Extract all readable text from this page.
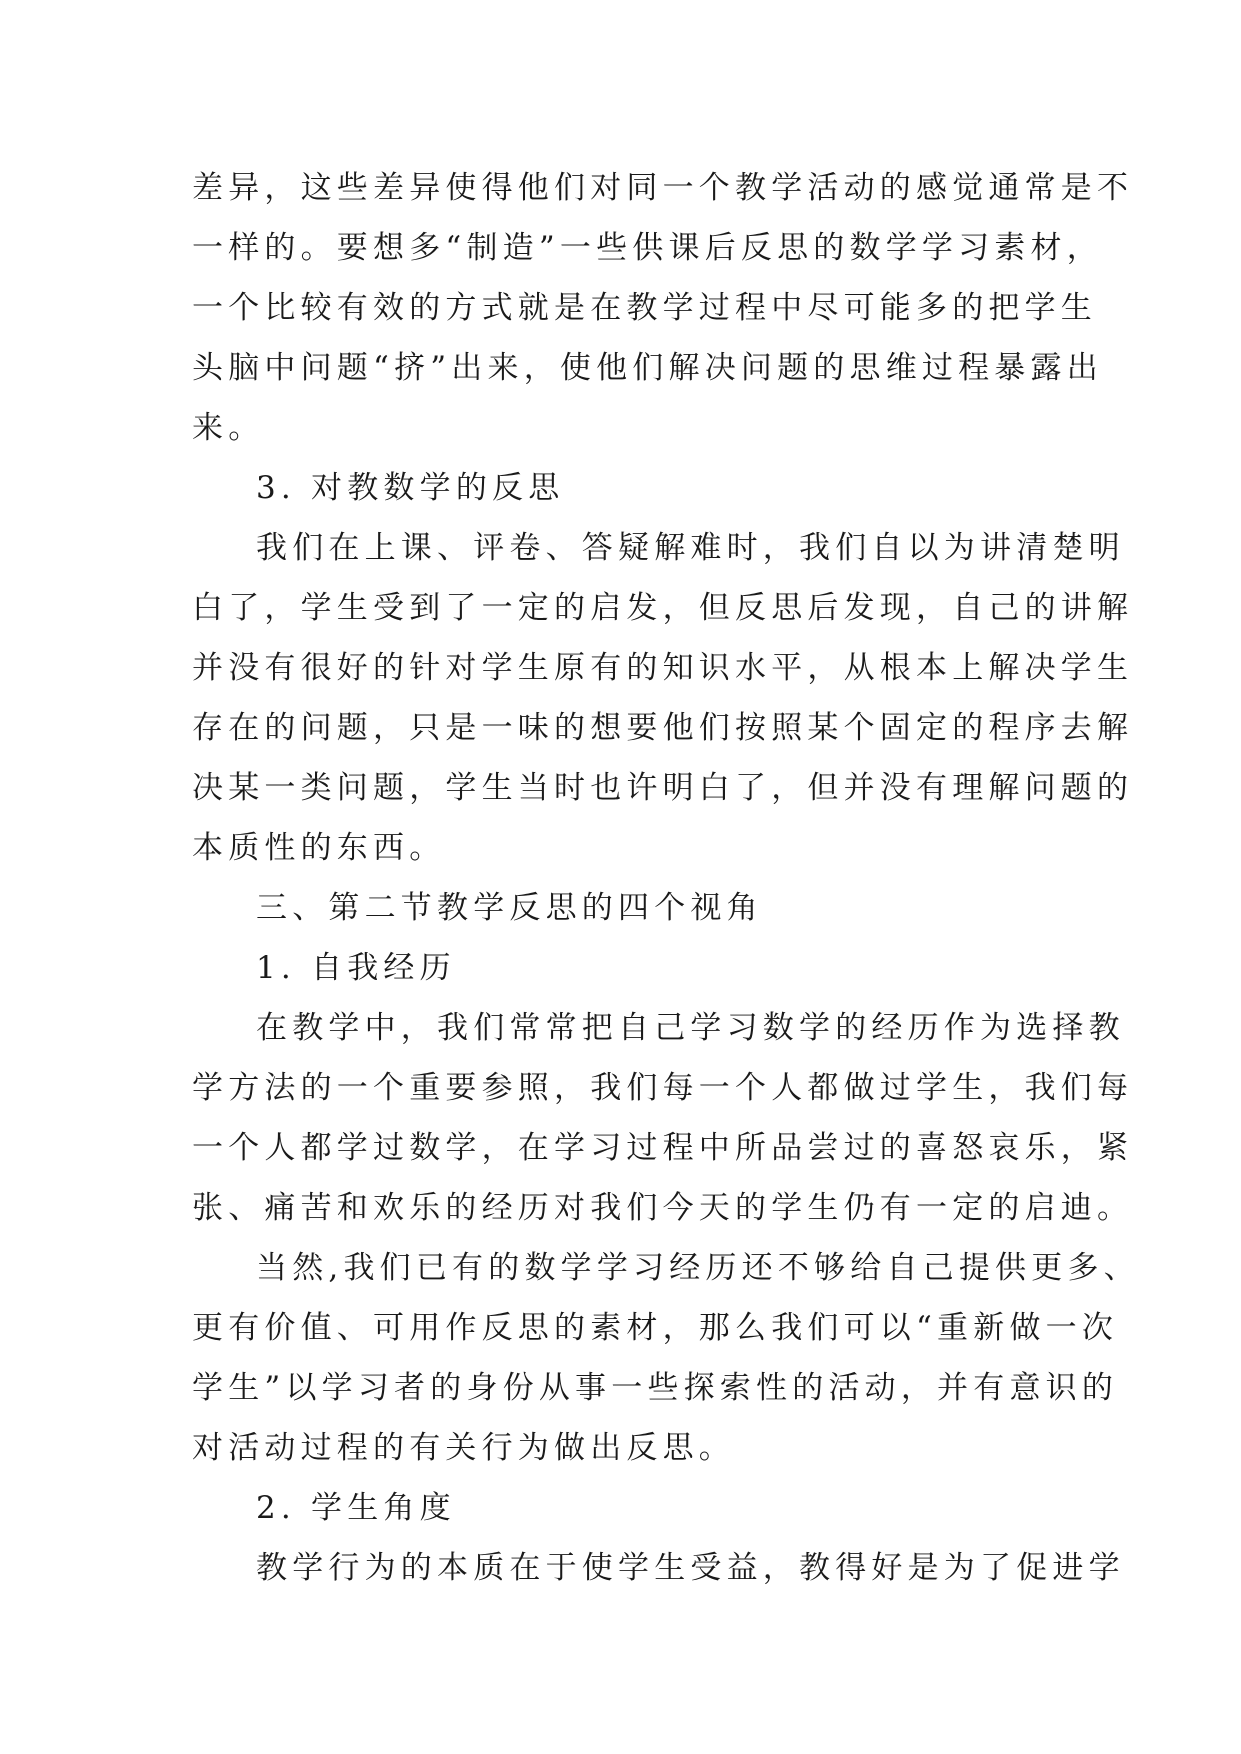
差异，这些差异使得他们对同一个教学活动的感觉通常是不
一样的。要想多“制造”一些供课后反思的数学学习素材，
一个比较有效的方式就是在教学过程中尽可能多的把学生
头脑中问题“挤”出来，使他们解决问题的思维过程暴露出
来。
3. 对教数学的反思
我们在上课、评卷、答疑解难时，我们自以为讲清楚明
白了，学生受到了一定的启发，但反思后发现，自己的讲解
并没有很好的针对学生原有的知识水平，从根本上解决学生
存在的问题，只是一味的想要他们按照某个固定的程序去解
决某一类问题，学生当时也许明白了，但并没有理解问题的
本质性的东西。
三、第二节教学反思的四个视角
1. 自我经历
在教学中，我们常常把自己学习数学的经历作为选择教
学方法的一个重要参照，我们每一个人都做过学生，我们每
一个人都学过数学，在学习过程中所品尝过的喜怒哀乐，紧
张、痛苦和欢乐的经历对我们今天的学生仍有一定的启迪。
当然,我们已有的数学学习经历还不够给自己提供更多、
更有价值、可用作反思的素材，那么我们可以“重新做一次
学生”以学习者的身份从事一些探索性的活动，并有意识的
对活动过程的有关行为做出反思。
2. 学生角度
教学行为的本质在于使学生受益，教得好是为了促进学
